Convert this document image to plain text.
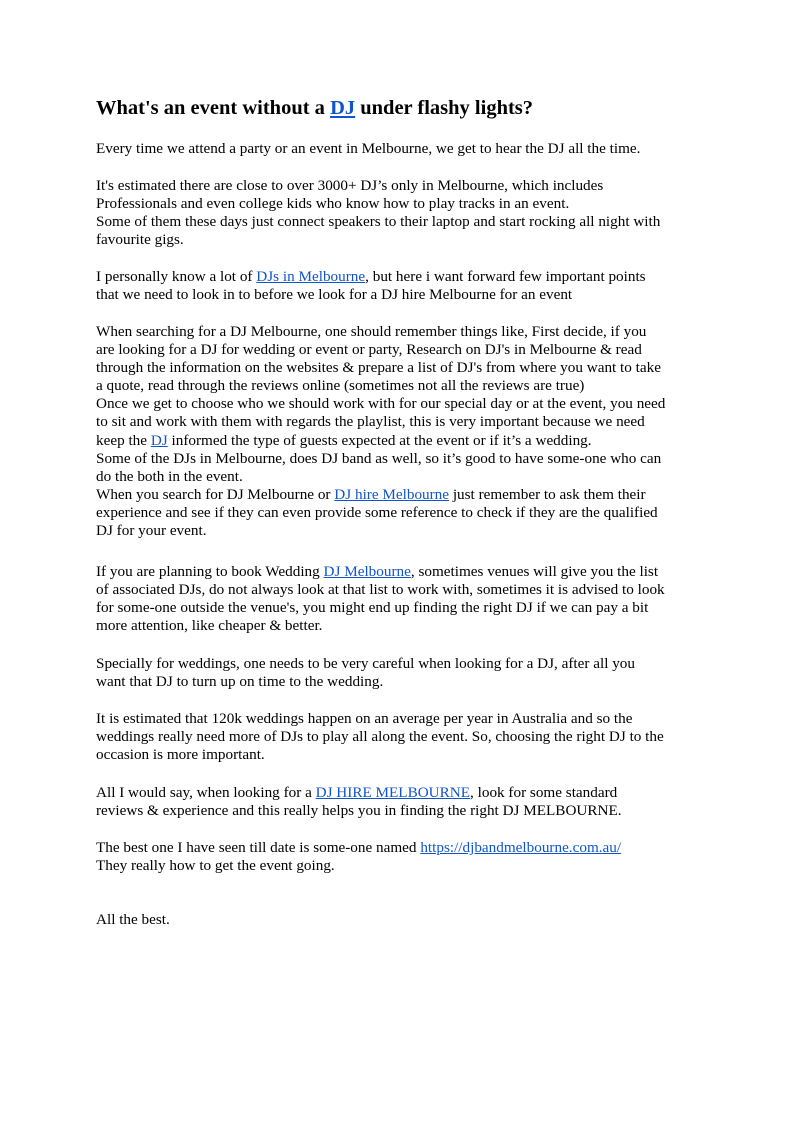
What's an event without a DJ under flashy lights?

Every time we attend a party or an event in Melbourne, we get to hear the DJ all the time.

It's estimated there are close to over 3000+ DJ’s only in Melbourne, which includes
Professionals and even college kids who know how to play tracks in an event.
Some of them these days just connect speakers to their laptop and start rocking all night with
favourite gigs.

I personally know a lot of DJs in Melbourne, but here i want forward few important points
that we need to look in to before we look for a DJ hire Melbourne for an event

When searching for a DJ Melbourne, one should remember things like, First decide, if you
are looking for a DJ for wedding or event or party, Research on DJ's in Melbourne & read
through the information on the websites & prepare a list of DJ's from where you want to take
a quote, read through the reviews online (sometimes not all the reviews are true)
Once we get to choose who we should work with for our special day or at the event, you need
to sit and work with them with regards the playlist, this is very important because we need
keep the DJ informed the type of guests expected at the event or if it’s a wedding.
Some of the DJs in Melbourne, does DJ band as well, so it’s good to have some-one who can
do the both in the event.
When you search for DJ Melbourne or DJ hire Melbourne just remember to ask them their
experience and see if they can even provide some reference to check if they are the qualified
DJ for your event.

If you are planning to book Wedding DJ Melbourne, sometimes venues will give you the list
of associated DJs, do not always look at that list to work with, sometimes it is advised to look
for some-one outside the venue's, you might end up finding the right DJ if we can pay a bit
more attention, like cheaper & better.

Specially for weddings, one needs to be very careful when looking for a DJ, after all you
want that DJ to turn up on time to the wedding.

It is estimated that 120k weddings happen on an average per year in Australia and so the
weddings really need more of DJs to play all along the event. So, choosing the right DJ to the
occasion is more important.

All I would say, when looking for a DJ HIRE MELBOURNE, look for some standard
reviews & experience and this really helps you in finding the right DJ MELBOURNE.

The best one I have seen till date is some-one named https://djbandmelbourne.com.au/
They really how to get the event going.

All the best.
